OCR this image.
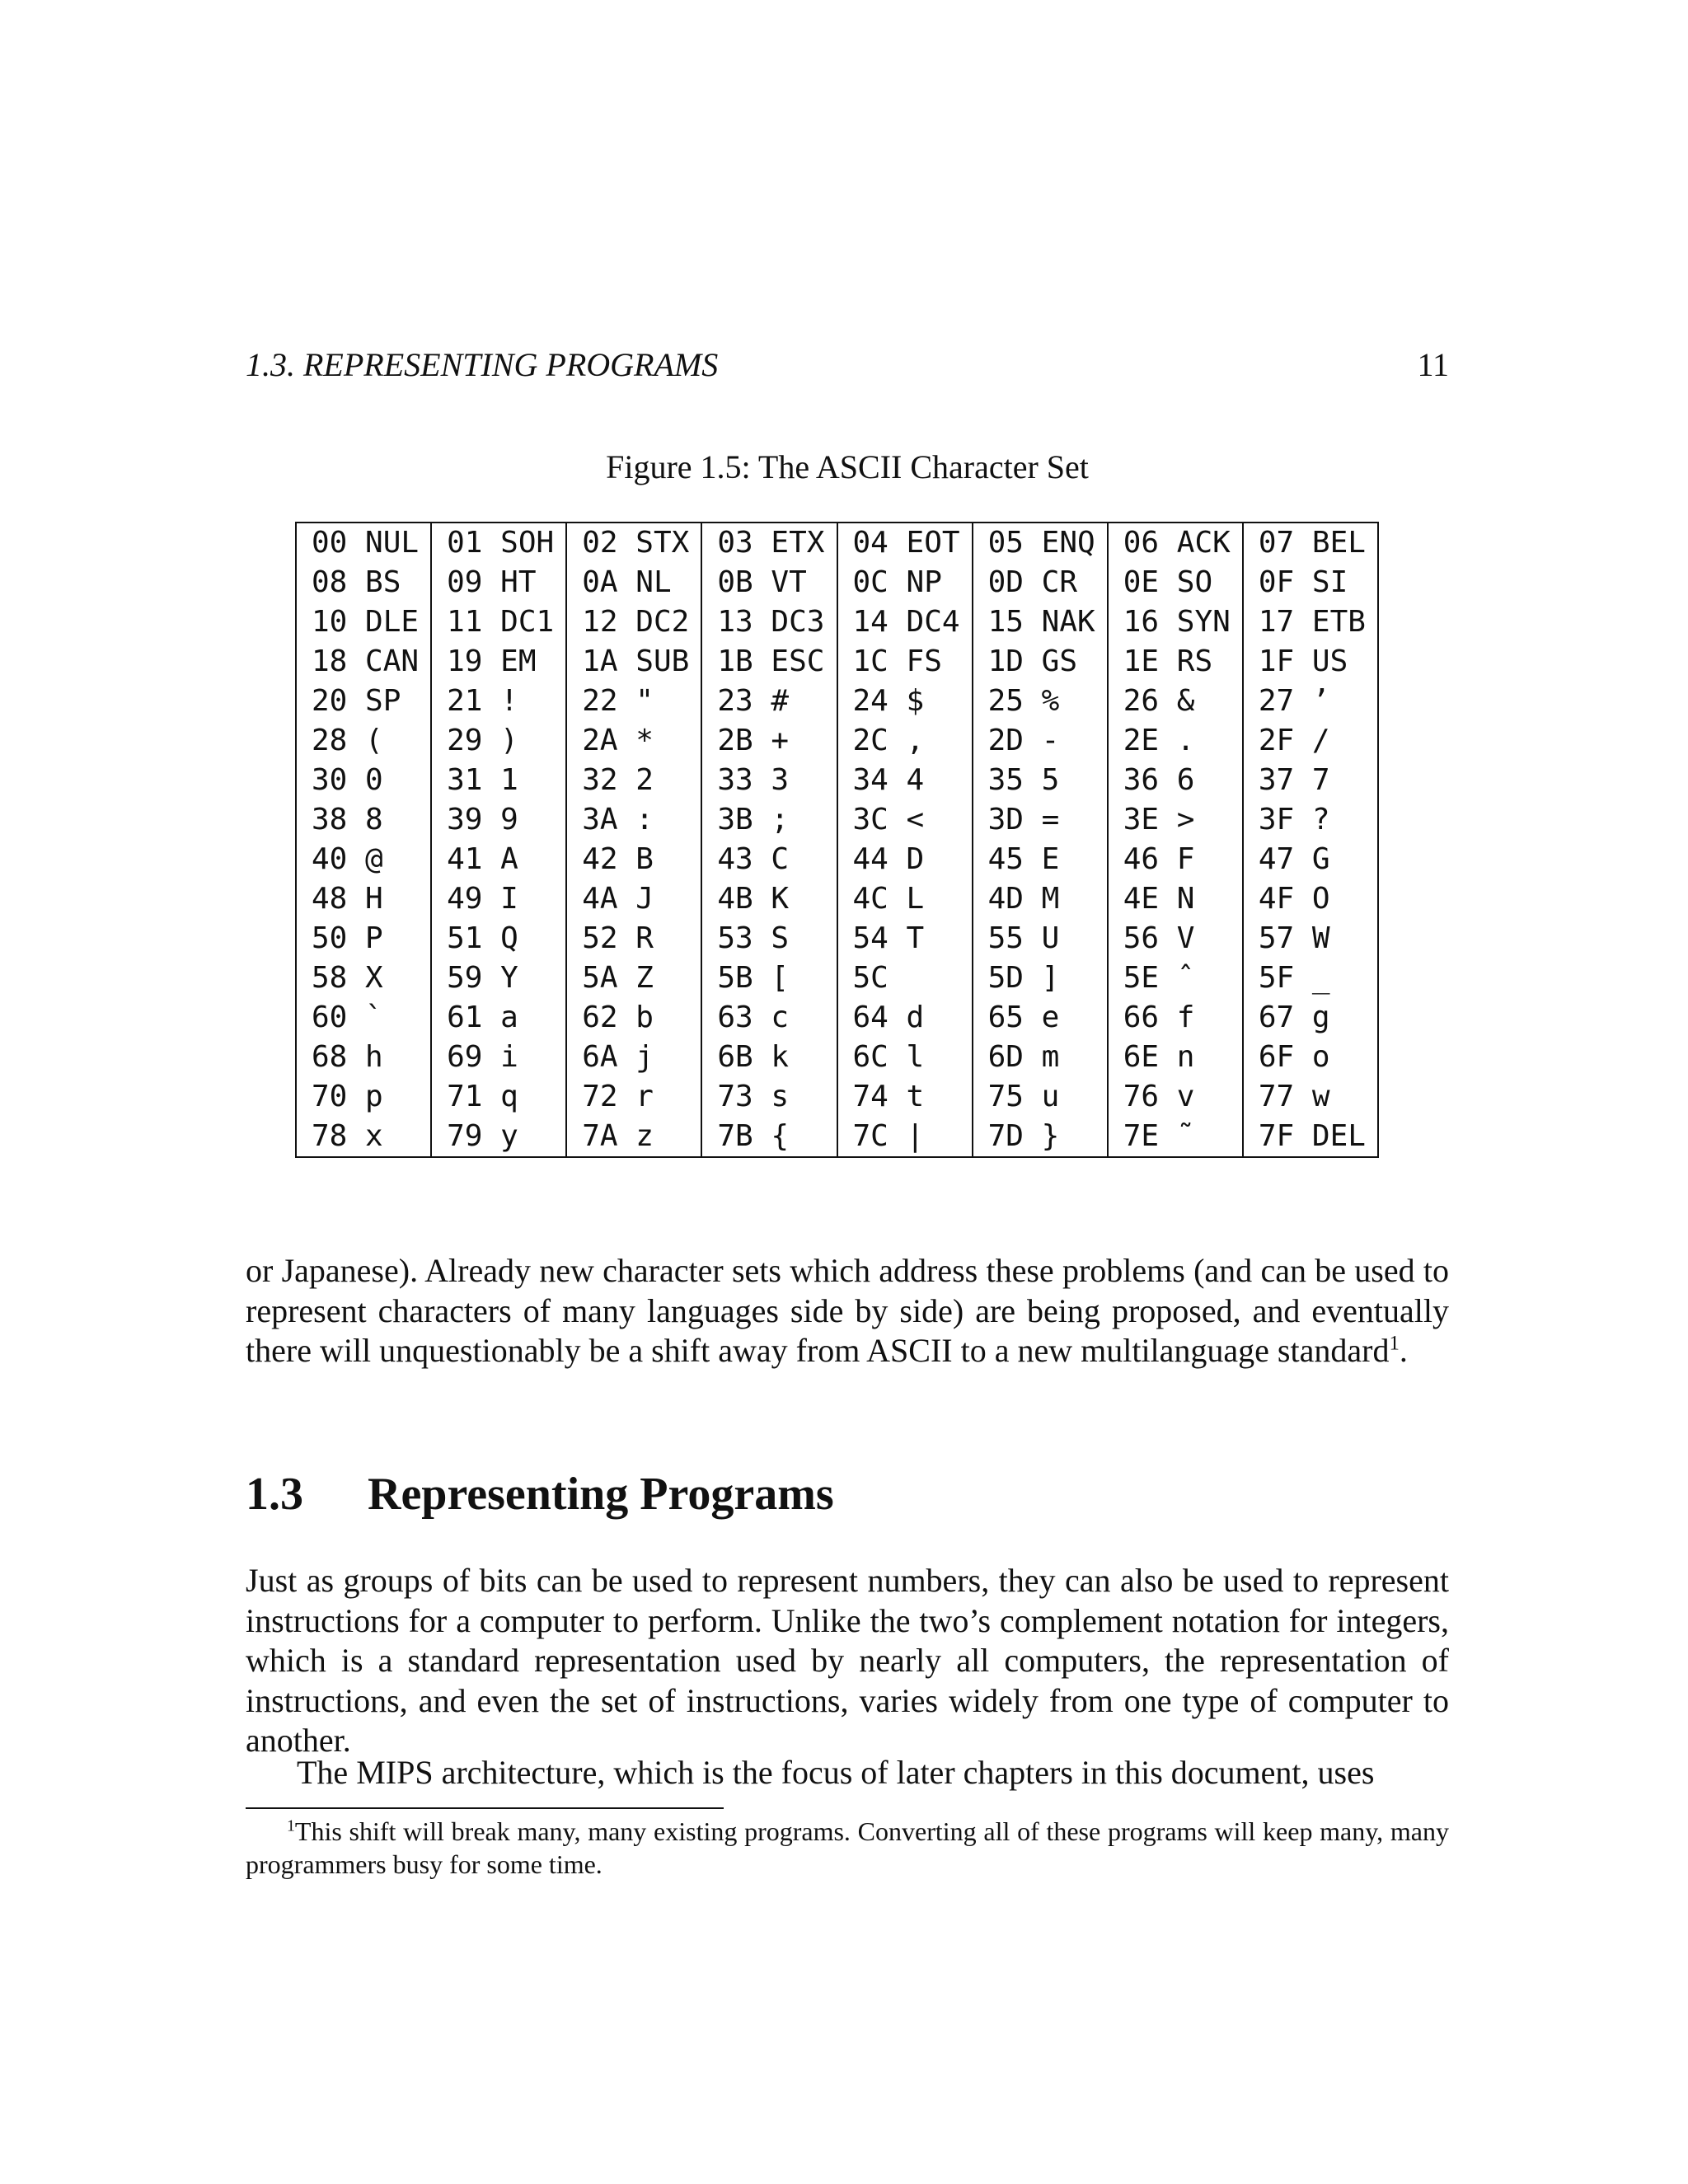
1.3. REPRESENTING PROGRAMS	11
Figure 1.5: The ASCII Character Set
00 NUL	01 SOH	02 STX	03 ETX	04 EOT	05 ENQ	06 ACK	07 BEL
08 BS	09 HT	0A NL	0B VT	0C NP	0D CR	0E SO	0F SI
10 DLE	11 DC1	12 DC2	13 DC3	14 DC4	15 NAK	16 SYN	17 ETB
18 CAN	19 EM	1A SUB	1B ESC	1C FS	1D GS	1E RS	1F US
20 SP	21 !	22 "	23 #	24 $	25 %	26 &	27 ’
28 (	29 )	2A *	2B +	2C ,	2D -	2E .	2F /
30 0	31 1	32 2	33 3	34 4	35 5	36 6	37 7
38 8	39 9	3A :	3B ;	3C <	3D =	3E >	3F ?
40 @	41 A	42 B	43 C	44 D	45 E	46 F	47 G
48 H	49 I	4A J	4B K	4C L	4D M	4E N	4F O
50 P	51 Q	52 R	53 S	54 T	55 U	56 V	57 W
58 X	59 Y	5A Z	5B [	5C	5D ]	5E ˆ	5F _
60 `	61 a	62 b	63 c	64 d	65 e	66 f	67 g
68 h	69 i	6A j	6B k	6C l	6D m	6E n	6F o
70 p	71 q	72 r	73 s	74 t	75 u	76 v	77 w
78 x	79 y	7A z	7B {	7C |	7D }	7E ˜	7F DEL

or Japanese). Already new character sets which address these problems (and can be used to represent characters of many languages side by side) are being proposed, and eventually there will unquestionably be a shift away from ASCII to a new multilanguage standard$^1$.

1.3 Representing Programs

Just as groups of bits can be used to represent numbers, they can also be used to represent instructions for a computer to perform. Unlike the two’s complement notation for integers, which is a standard representation used by nearly all computers, the representation of instructions, and even the set of instructions, varies widely from one type of computer to another.

The MIPS architecture, which is the focus of later chapters in this document, uses

$^1$This shift will break many, many existing programs. Converting all of these programs will keep many, many programmers busy for some time.
